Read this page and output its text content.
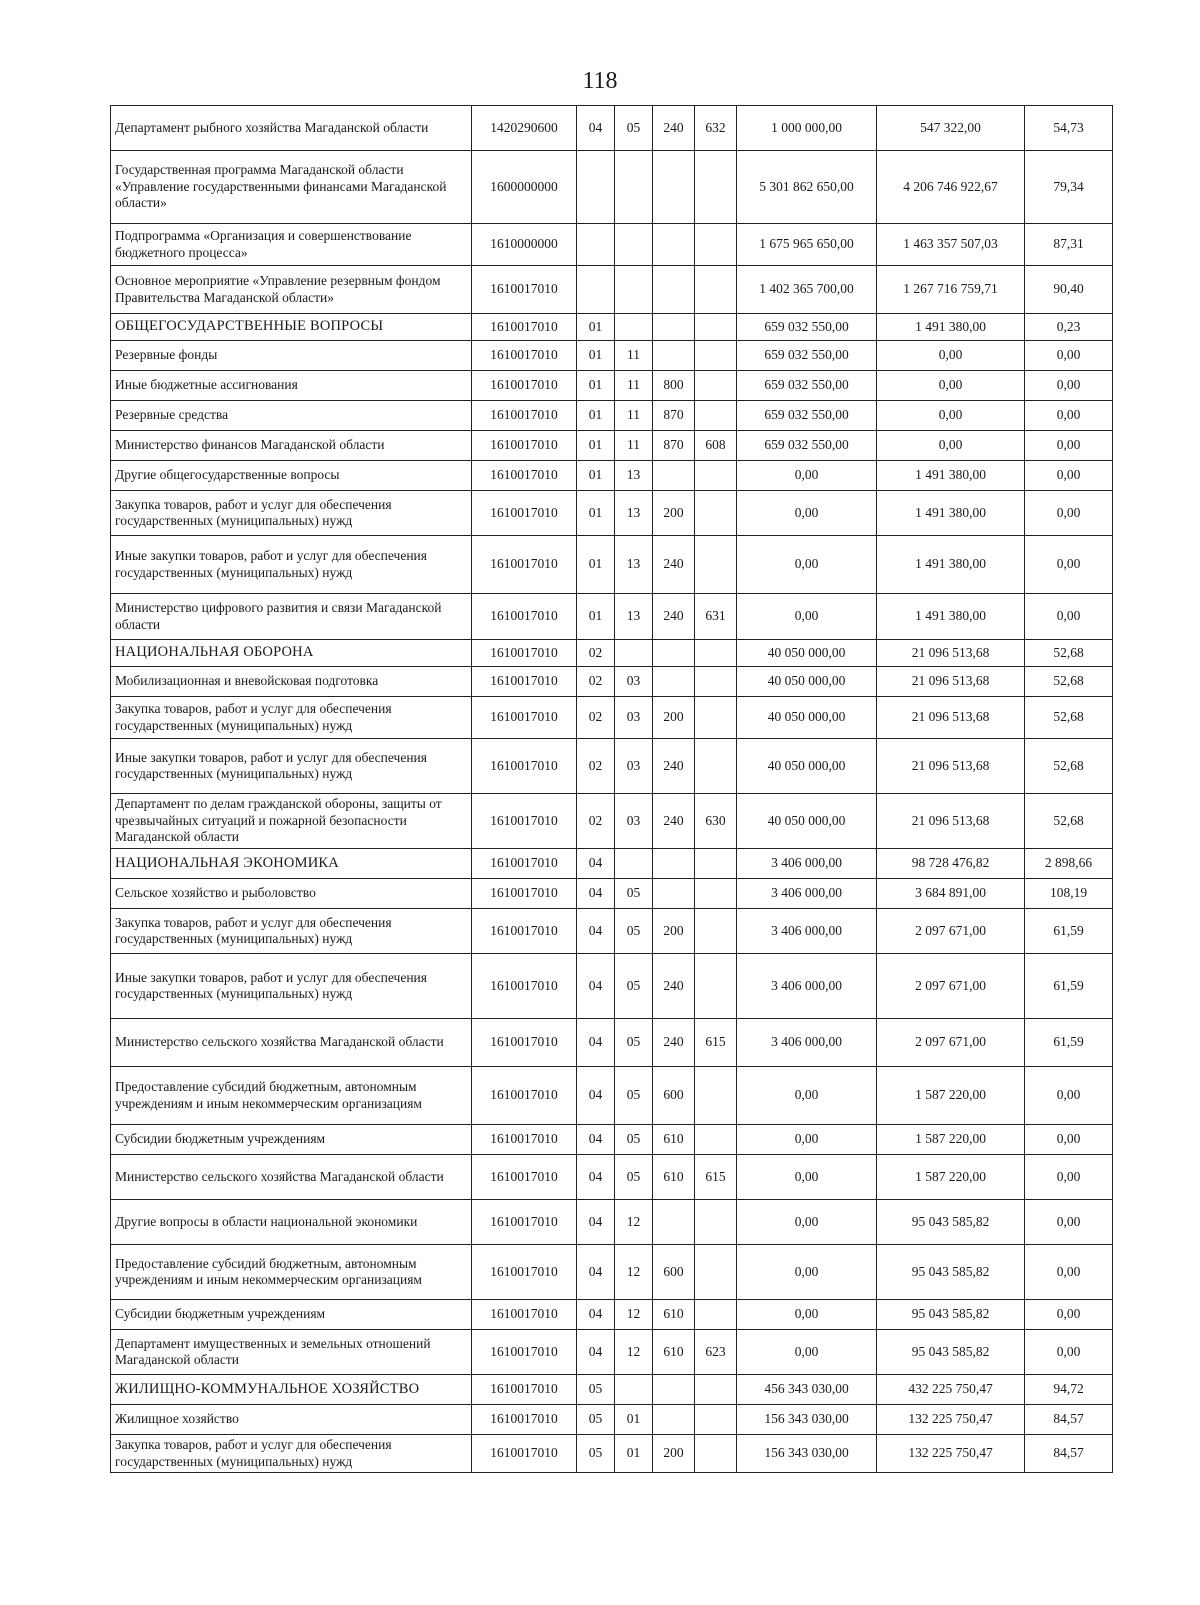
118
Департамент рыбного хозяйства Магаданской области	1420290600	04	05	240	632	1 000 000,00	547 322,00	54,73
Государственная программа Магаданской области «Управление государственными финансами Магаданской области»	1600000000					5 301 862 650,00	4 206 746 922,67	79,34
Подпрограмма «Организация и совершенствование бюджетного процесса»	1610000000					1 675 965 650,00	1 463 357 507,03	87,31
Основное мероприятие «Управление резервным фондом Правительства Магаданской области»	1610017010					1 402 365 700,00	1 267 716 759,71	90,40
ОБЩЕГОСУДАРСТВЕННЫЕ ВОПРОСЫ	1610017010	01				659 032 550,00	1 491 380,00	0,23
Резервные фонды	1610017010	01	11			659 032 550,00	0,00	0,00
Иные бюджетные ассигнования	1610017010	01	11	800		659 032 550,00	0,00	0,00
Резервные средства	1610017010	01	11	870		659 032 550,00	0,00	0,00
Министерство финансов Магаданской области	1610017010	01	11	870	608	659 032 550,00	0,00	0,00
Другие общегосударственные вопросы	1610017010	01	13			0,00	1 491 380,00	0,00
Закупка товаров, работ и услуг для обеспечения государственных (муниципальных) нужд	1610017010	01	13	200		0,00	1 491 380,00	0,00
Иные закупки товаров, работ и услуг для обеспечения государственных (муниципальных) нужд	1610017010	01	13	240		0,00	1 491 380,00	0,00
Министерство цифрового развития и связи Магаданской области	1610017010	01	13	240	631	0,00	1 491 380,00	0,00
НАЦИОНАЛЬНАЯ ОБОРОНА	1610017010	02				40 050 000,00	21 096 513,68	52,68
Мобилизационная и вневойсковая подготовка	1610017010	02	03			40 050 000,00	21 096 513,68	52,68
Закупка товаров, работ и услуг для обеспечения государственных (муниципальных) нужд	1610017010	02	03	200		40 050 000,00	21 096 513,68	52,68
Иные закупки товаров, работ и услуг для обеспечения государственных (муниципальных) нужд	1610017010	02	03	240		40 050 000,00	21 096 513,68	52,68
Департамент по делам гражданской обороны, защиты от чрезвычайных ситуаций и пожарной безопасности Магаданской области	1610017010	02	03	240	630	40 050 000,00	21 096 513,68	52,68
НАЦИОНАЛЬНАЯ ЭКОНОМИКА	1610017010	04				3 406 000,00	98 728 476,82	2 898,66
Сельское хозяйство и рыболовство	1610017010	04	05			3 406 000,00	3 684 891,00	108,19
Закупка товаров, работ и услуг для обеспечения государственных (муниципальных) нужд	1610017010	04	05	200		3 406 000,00	2 097 671,00	61,59
Иные закупки товаров, работ и услуг для обеспечения государственных (муниципальных) нужд	1610017010	04	05	240		3 406 000,00	2 097 671,00	61,59
Министерство сельского хозяйства Магаданской области	1610017010	04	05	240	615	3 406 000,00	2 097 671,00	61,59
Предоставление субсидий бюджетным, автономным учреждениям и иным некоммерческим организациям	1610017010	04	05	600		0,00	1 587 220,00	0,00
Субсидии бюджетным учреждениям	1610017010	04	05	610		0,00	1 587 220,00	0,00
Министерство сельского хозяйства Магаданской области	1610017010	04	05	610	615	0,00	1 587 220,00	0,00
Другие вопросы в области национальной экономики	1610017010	04	12			0,00	95 043 585,82	0,00
Предоставление субсидий бюджетным, автономным учреждениям и иным некоммерческим организациям	1610017010	04	12	600		0,00	95 043 585,82	0,00
Субсидии бюджетным учреждениям	1610017010	04	12	610		0,00	95 043 585,82	0,00
Департамент имущественных и земельных отношений Магаданской области	1610017010	04	12	610	623	0,00	95 043 585,82	0,00
ЖИЛИЩНО-КОММУНАЛЬНОЕ ХОЗЯЙСТВО	1610017010	05				456 343 030,00	432 225 750,47	94,72
Жилищное хозяйство	1610017010	05	01			156 343 030,00	132 225 750,47	84,57
Закупка товаров, работ и услуг для обеспечения государственных (муниципальных) нужд	1610017010	05	01	200		156 343 030,00	132 225 750,47	84,57
